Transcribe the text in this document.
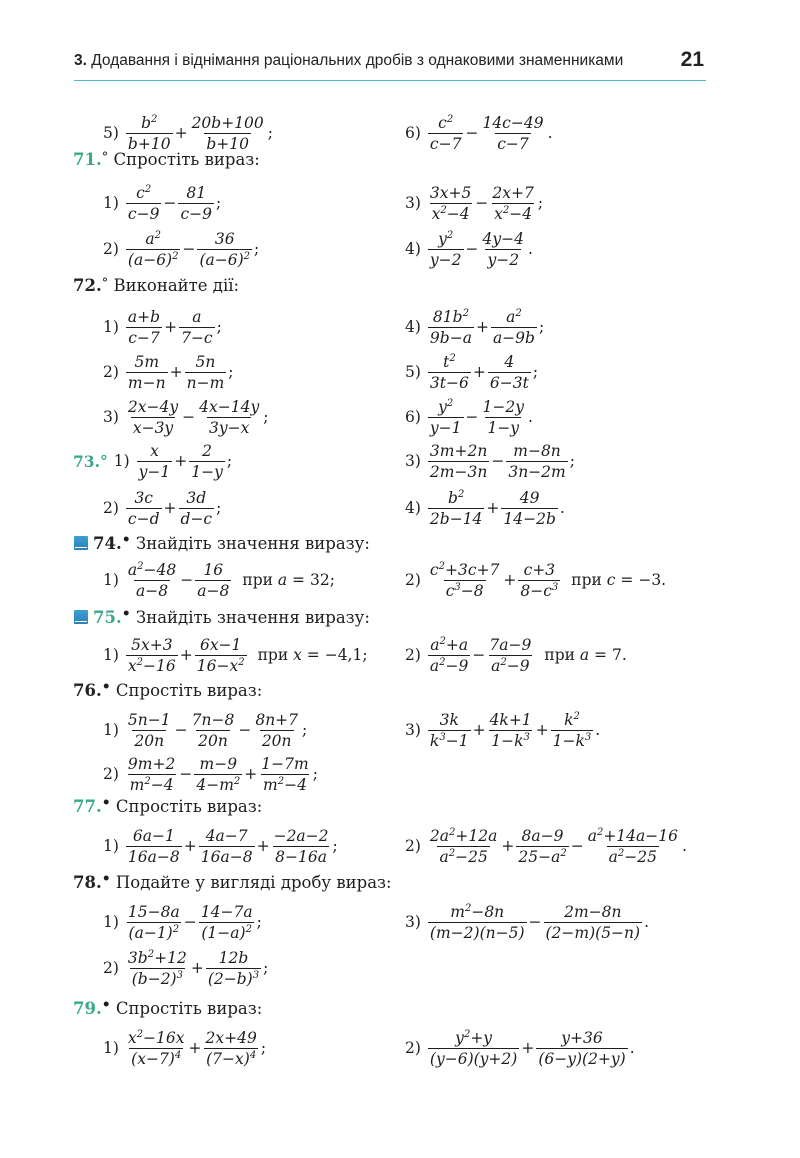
3. Додавання і віднімання раціональних дробів з однаковими знаменниками	21
$5) \frac{b^2}{b+10} + \frac{20b+100}{b+10}$ ;	$6) \frac{c^2}{c-7} - \frac{14c-49}{c-7}$ .
71.° Спростіть вираз:
$1) \frac{c^2}{c-9} - \frac{81}{c-9}$ ;	$3) \frac{3x+5}{x^2-4} - \frac{2x+7}{x^2-4}$ ;
$2) \frac{a^2}{(a-6)^2} - \frac{36}{(a-6)^2}$ ;	$4) \frac{y^2}{y-2} - \frac{4y-4}{y-2}$ .
72.° Виконайте дії:
$1) \frac{a+b}{c-7} + \frac{a}{7-c}$ ;	$4) \frac{81b^2}{9b-a} + \frac{a^2}{a-9b}$ ;
$2) \frac{5m}{m-n} + \frac{5n}{n-m}$ ;	$5) \frac{t^2}{3t-6} + \frac{4}{6-3t}$ ;
$3) \frac{2x-4y}{x-3y} - \frac{4x-14y}{3y-x}$ ;	$6) \frac{y^2}{y-1} - \frac{1-2y}{1-y}$ .
73.° $1) \frac{x}{y-1} + \frac{2}{1-y}$ ;	$3) \frac{3m+2n}{2m-3n} - \frac{m-8n}{3n-2m}$ ;
$2) \frac{3c}{c-d} + \frac{3d}{d-c}$ ;	$4) \frac{b^2}{2b-14} + \frac{49}{14-2b}$ .
74.• Знайдіть значення виразу:
$1) \frac{a^2-48}{a-8} - \frac{16}{a-8}$ при a = 32;	$2) \frac{c^2+3c+7}{c^3-8} + \frac{c+3}{8-c^3}$ при c = −3.
75.• Знайдіть значення виразу:
$1) \frac{5x+3}{x^2-16} + \frac{6x-1}{16-x^2}$ при x = −4,1; $2) \frac{a^2+a}{a^2-9} - \frac{7a-9}{a^2-9}$ при a = 7.
76.• Спростіть вираз:
$1) \frac{5n-1}{20n} - \frac{7n-8}{20n} - \frac{8n+7}{20n}$ ;	$3) \frac{3k}{k^3-1} + \frac{4k+1}{1-k^3} + \frac{k^2}{1-k^3}$ .
$2) \frac{9m+2}{m^2-4} - \frac{m-9}{4-m^2} + \frac{1-7m}{m^2-4}$ ;
77.• Спростіть вираз:
$1) \frac{6a-1}{16a-8} + \frac{4a-7}{16a-8} + \frac{-2a-2}{8-16a}$ ;	$2) \frac{2a^2+12a}{a^2-25} + \frac{8a-9}{25-a^2} - \frac{a^2+14a-16}{a^2-25}$ .
78.• Подайте у вигляді дробу вираз:
$1) \frac{15-8a}{(a-1)^2} - \frac{14-7a}{(1-a)^2}$ ;	$3) \frac{m^2-8n}{(m-2)(n-5)} - \frac{2m-8n}{(2-m)(5-n)}$ .
$2) \frac{3b^2+12}{(b-2)^3} + \frac{12b}{(2-b)^3}$ ;
79.• Спростіть вираз:
$1) \frac{x^2-16x}{(x-7)^4} + \frac{2x+49}{(7-x)^4}$ ;	$2) \frac{y^2+y}{(y-6)(y+2)} + \frac{y+36}{(6-y)(2+y)}$ .
